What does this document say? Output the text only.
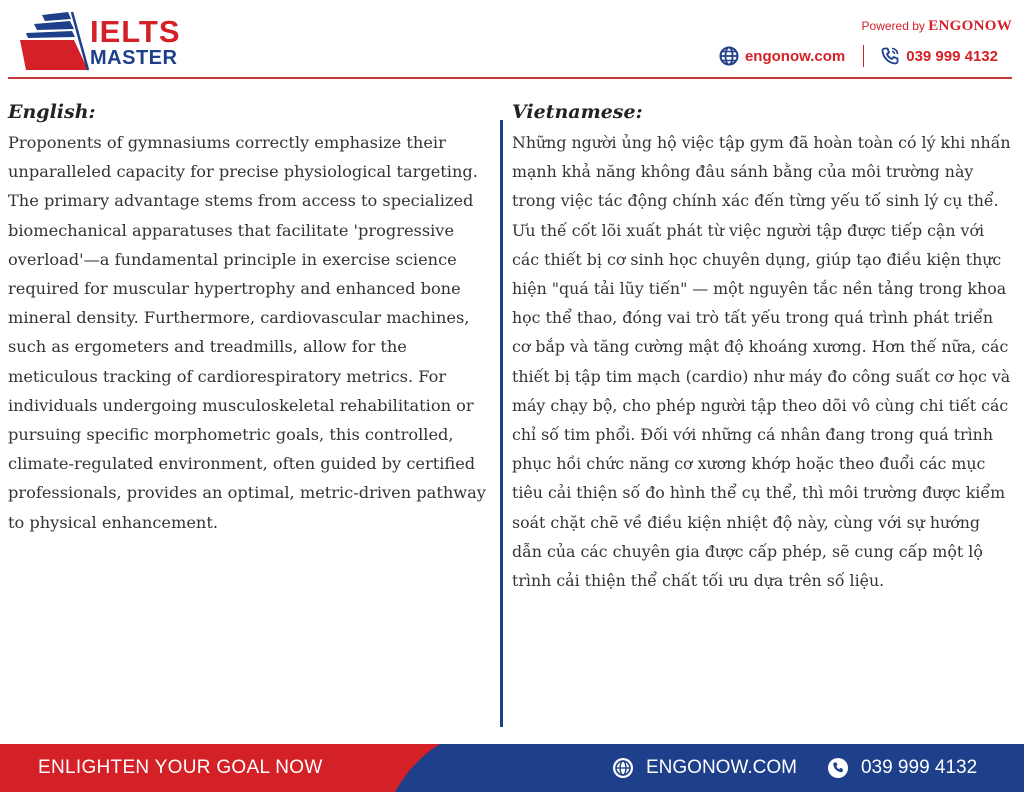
IELTS
MASTER
Powered by ENGONOW
engonow.com	039 999 4132
English:

Proponents of gymnasiums correctly emphasize their unparalleled capacity for precise physiological targeting. The primary advantage stems from access to specialized biomechanical apparatuses that facilitate 'progressive overload'—a fundamental principle in exercise science required for muscular hypertrophy and enhanced bone mineral density. Furthermore, cardiovascular machines, such as ergometers and treadmills, allow for the meticulous tracking of cardiorespiratory metrics. For individuals undergoing musculoskeletal rehabilitation or pursuing specific morphometric goals, this controlled, climate-regulated environment, often guided by certified professionals, provides an optimal, metric-driven pathway to physical enhancement.

Vietnamese:

Những người ủng hộ việc tập gym đã hoàn toàn có lý khi nhấn mạnh khả năng không đâu sánh bằng của môi trường này trong việc tác động chính xác đến từng yếu tố sinh lý cụ thể. Ưu thế cốt lõi xuất phát từ việc người tập được tiếp cận với các thiết bị cơ sinh học chuyên dụng, giúp tạo điều kiện thực hiện "quá tải lũy tiến" — một nguyên tắc nền tảng trong khoa học thể thao, đóng vai trò tất yếu trong quá trình phát triển cơ bắp và tăng cường mật độ khoáng xương. Hơn thế nữa, các thiết bị tập tim mạch (cardio) như máy đo công suất cơ học và máy chạy bộ, cho phép người tập theo dõi vô cùng chi tiết các chỉ số tim phổi. Đối với những cá nhân đang trong quá trình phục hồi chức năng cơ xương khớp hoặc theo đuổi các mục tiêu cải thiện số đo hình thể cụ thể, thì môi trường được kiểm soát chặt chẽ về điều kiện nhiệt độ này, cùng với sự hướng dẫn của các chuyên gia được cấp phép, sẽ cung cấp một lộ trình cải thiện thể chất tối ưu dựa trên số liệu.

ENLIGHTEN YOUR GOAL NOW	ENGONOW.COM	039 999 4132
